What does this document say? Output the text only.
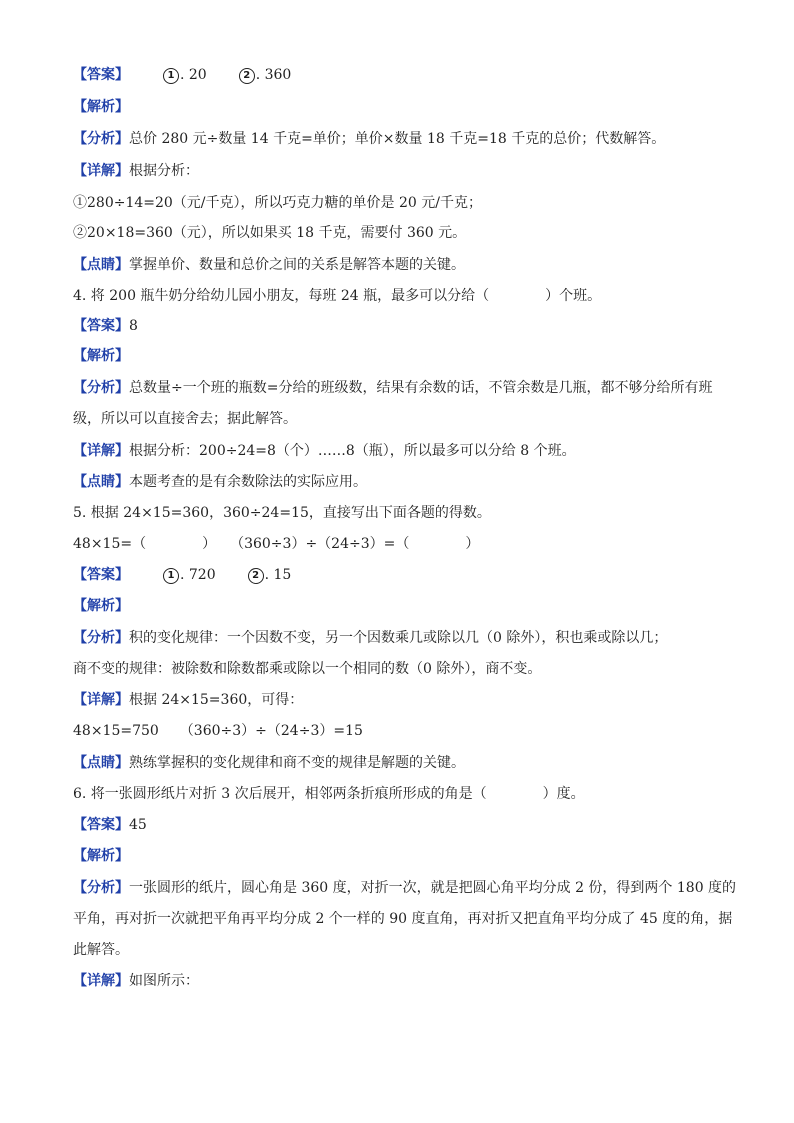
【答案】	1 . 20	2 . 360
【解析】
【分析】总价 280 元÷数量 14 千克=单价；单价×数量 18 千克=18 千克的总价；代数解答。
【详解】根据分析：
①280÷14=20（元/千克），所以巧克力糖的单价是 20 元/千克；
②20×18=360（元），所以如果买 18 千克，需要付 360 元。
【点睛】掌握单价、数量和总价之间的关系是解答本题的关键。
4. 将 200 瓶牛奶分给幼儿园小朋友，每班 24 瓶，最多可以分给（　　　　）个班。
【答案】8
【解析】
【分析】总数量÷一个班的瓶数=分给的班级数，结果有余数的话，不管余数是几瓶，都不够分给所有班
级，所以可以直接舍去；据此解答。
【详解】根据分析：200÷24=8（个）……8（瓶），所以最多可以分给 8 个班。
【点睛】本题考查的是有余数除法的实际应用。
5. 根据 24×15=360，360÷24=15，直接写出下面各题的得数。
48×15=（　　　　）　　（360÷3）÷（24÷3）=（　　　　）
【答案】	1 . 720	2 . 15
【解析】
【分析】积的变化规律：一个因数不变，另一个因数乘几或除以几（0 除外），积也乘或除以几；
商不变的规律：被除数和除数都乘或除以一个相同的数（0 除外），商不变。
【详解】根据 24×15=360，可得：
48×15=750　　（360÷3）÷（24÷3）=15
【点睛】熟练掌握积的变化规律和商不变的规律是解题的关键。
6. 将一张圆形纸片对折 3 次后展开，相邻两条折痕所形成的角是（　　　　）度。
【答案】45
【解析】
【分析】一张圆形的纸片，圆心角是 360 度，对折一次，就是把圆心角平均分成 2 份，得到两个 180 度的
平角，再对折一次就把平角再平均分成 2 个一样的 90 度直角，再对折又把直角平均分成了 45 度的角，据
此解答。
【详解】如图所示：
